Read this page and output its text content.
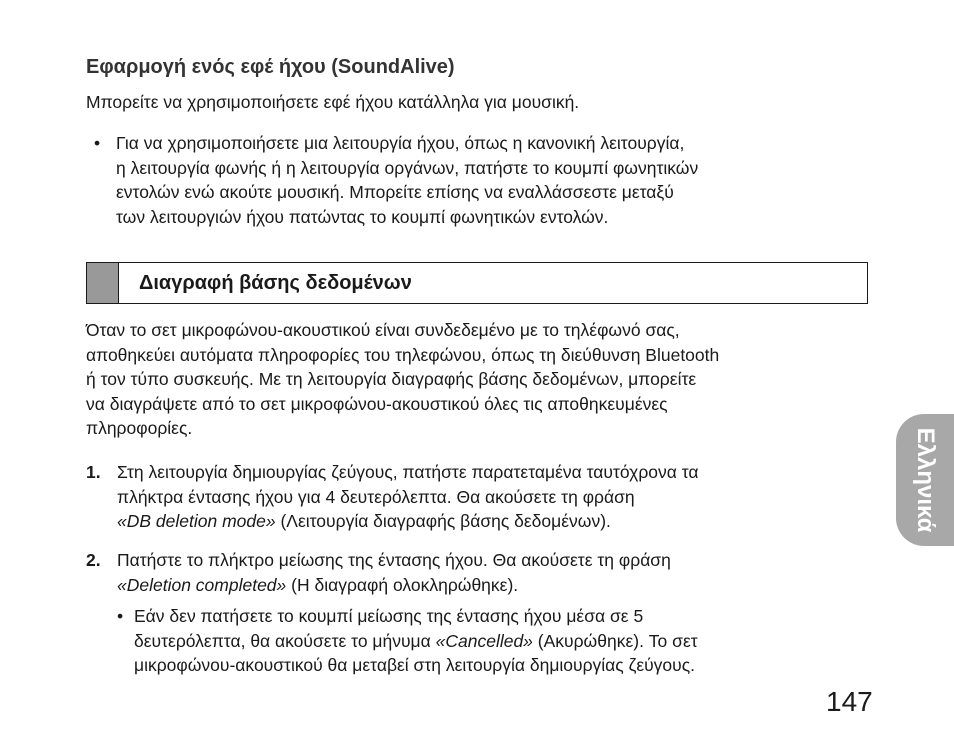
Εφαρμογή ενός εφέ ήχου (SoundAlive)
Μπορείτε να χρησιμοποιήσετε εφέ ήχου κατάλληλα για μουσική.
• Για να χρησιμοποιήσετε μια λειτουργία ήχου, όπως η κανονική λειτουργία,
η λειτουργία φωνής ή η λειτουργία οργάνων, πατήστε το κουμπί φωνητικών
εντολών ενώ ακούτε μουσική. Μπορείτε επίσης να εναλλάσσεστε μεταξύ
των λειτουργιών ήχου πατώντας το κουμπί φωνητικών εντολών.
Διαγραφή βάσης δεδομένων
Όταν το σετ μικροφώνου-ακουστικού είναι συνδεδεμένο με το τηλέφωνό σας,
αποθηκεύει αυτόματα πληροφορίες του τηλεφώνου, όπως τη διεύθυνση Bluetooth
ή τον τύπο συσκευής. Με τη λειτουργία διαγραφής βάσης δεδομένων, μπορείτε
να διαγράψετε από το σετ μικροφώνου-ακουστικού όλες τις αποθηκευμένες
πληροφορίες.
1. Στη λειτουργία δημιουργίας ζεύγους, πατήστε παρατεταμένα ταυτόχρονα τα
πλήκτρα έντασης ήχου για 4 δευτερόλεπτα. Θα ακούσετε τη φράση
«DB deletion mode» (Λειτουργία διαγραφής βάσης δεδομένων).
2. Πατήστε το πλήκτρο μείωσης της έντασης ήχου. Θα ακούσετε τη φράση
«Deletion completed» (Η διαγραφή ολοκληρώθηκε).
• Εάν δεν πατήσετε το κουμπί μείωσης της έντασης ήχου μέσα σε 5
δευτερόλεπτα, θα ακούσετε το μήνυμα «Cancelled» (Ακυρώθηκε). Το σετ
μικροφώνου-ακουστικού θα μεταβεί στη λειτουργία δημιουργίας ζεύγους.
Ελληνικά
147
